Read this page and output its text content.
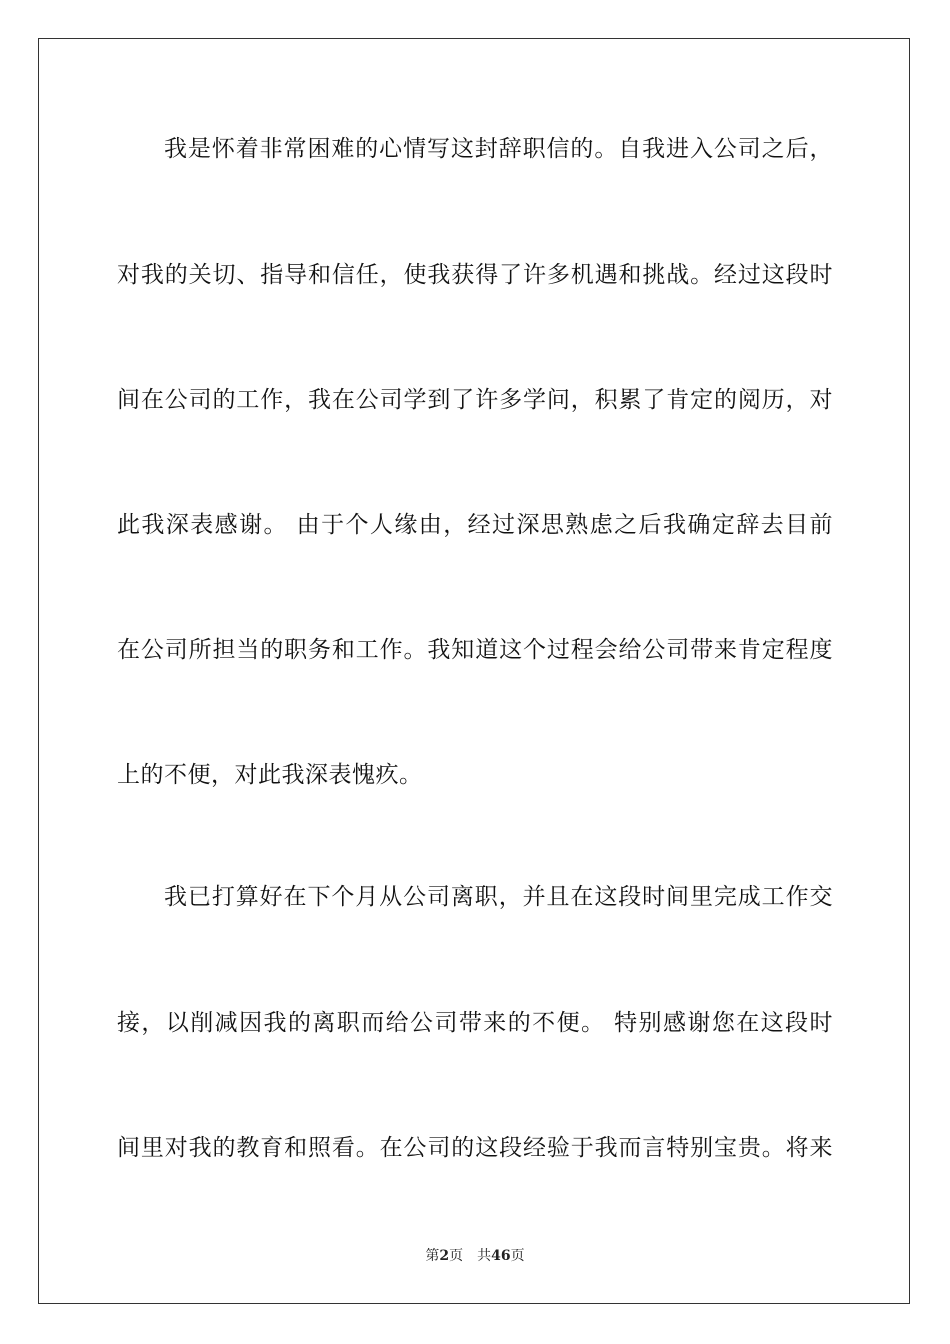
我是怀着非常困难的心情写这封辞职信的。自我进入公司之后，
对我的关切、指导和信任，使我获得了许多机遇和挑战。经过这段时
间在公司的工作，我在公司学到了许多学问，积累了肯定的阅历，对
此我深表感谢。 由于个人缘由，经过深思熟虑之后我确定辞去目前
在公司所担当的职务和工作。我知道这个过程会给公司带来肯定程度
上的不便，对此我深表愧疚。
我已打算好在下个月从公司离职，并且在这段时间里完成工作交
接，以削减因我的离职而给公司带来的不便。 特别感谢您在这段时
间里对我的教育和照看。在公司的这段经验于我而言特别宝贵。将来
第2页 共46页
